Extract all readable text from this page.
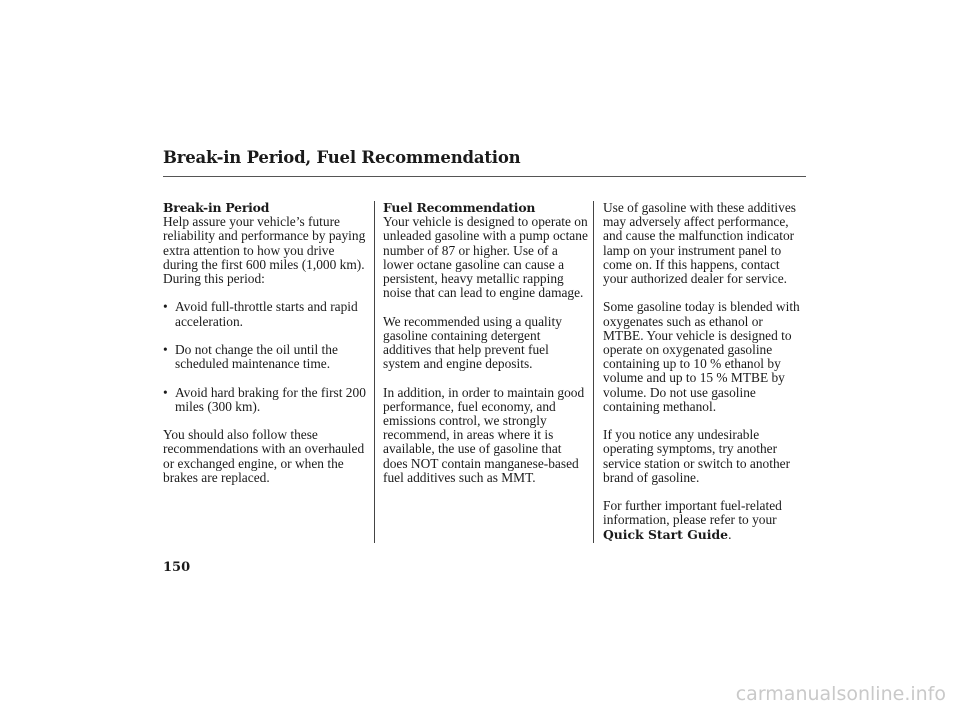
Break-in Period, Fuel Recommendation
Break-in Period

Help assure your vehicle’s future reliability and performance by paying extra attention to how you drive during the first 600 miles (1,000 km). During this period:

• Avoid full-throttle starts and rapid acceleration.
• Do not change the oil until the scheduled maintenance time.
• Avoid hard braking for the first 200 miles (300 km).

You should also follow these recommendations with an overhauled or exchanged engine, or when the brakes are replaced.

Fuel Recommendation

Your vehicle is designed to operate on unleaded gasoline with a pump octane number of 87 or higher. Use of a lower octane gasoline can cause a persistent, heavy metallic rapping noise that can lead to engine damage.

We recommended using a quality gasoline containing detergent additives that help prevent fuel system and engine deposits.

In addition, in order to maintain good performance, fuel economy, and emissions control, we strongly recommend, in areas where it is available, the use of gasoline that does NOT contain manganese-based fuel additives such as MMT.

Use of gasoline with these additives may adversely affect performance, and cause the malfunction indicator lamp on your instrument panel to come on. If this happens, contact your authorized dealer for service.

Some gasoline today is blended with oxygenates such as ethanol or MTBE. Your vehicle is designed to operate on oxygenated gasoline containing up to 10 % ethanol by volume and up to 15 % MTBE by volume. Do not use gasoline containing methanol.

If you notice any undesirable operating symptoms, try another service station or switch to another brand of gasoline.

For further important fuel-related information, please refer to your
Quick Start Guide.

150
carmanualsonline.info
